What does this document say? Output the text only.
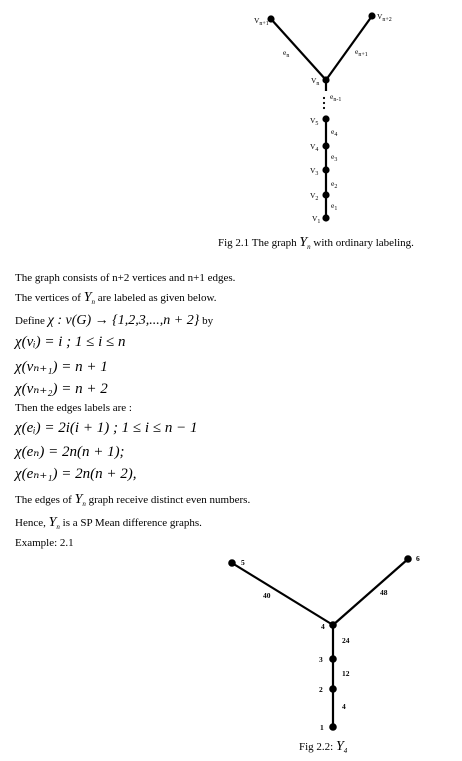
$V_{n+1}$
$V_{n+2}$
$V_n$
$V_5$
$V_4$
$V_3$
$V_2$
$V_1$
$e_n$	$e_{n+1}$
$e_{n-1}$
$e_4$
$e_3$
$e_2$
$e_1$
5	6
4
3
2
1
40	48
24
12
4
Fig 2.1 The graph $Y_n$ with ordinary labeling.
The graph consists of n+2 vertices and n+1 edges.
The vertices of $Y_n$ are labeled as given below.
Define χ : v(G) → {1,2,3,...,n + 2} by
χ(vᵢ) = i ; 1 ≤ i ≤ n
χ(vₙ₊₁) = n + 1
χ(vₙ₊₂) = n + 2
Then the edges labels are :
χ(eᵢ) = 2i(i + 1) ; 1 ≤ i ≤ n − 1
χ(eₙ) = 2n(n + 1);
χ(eₙ₊₁) = 2n(n + 2),
The edges of $Y_n$ graph receive distinct even numbers.
Hence, $Y_n$ is a SP Mean difference graphs.
Example: 2.1
Fig 2.2: $Y_4$
